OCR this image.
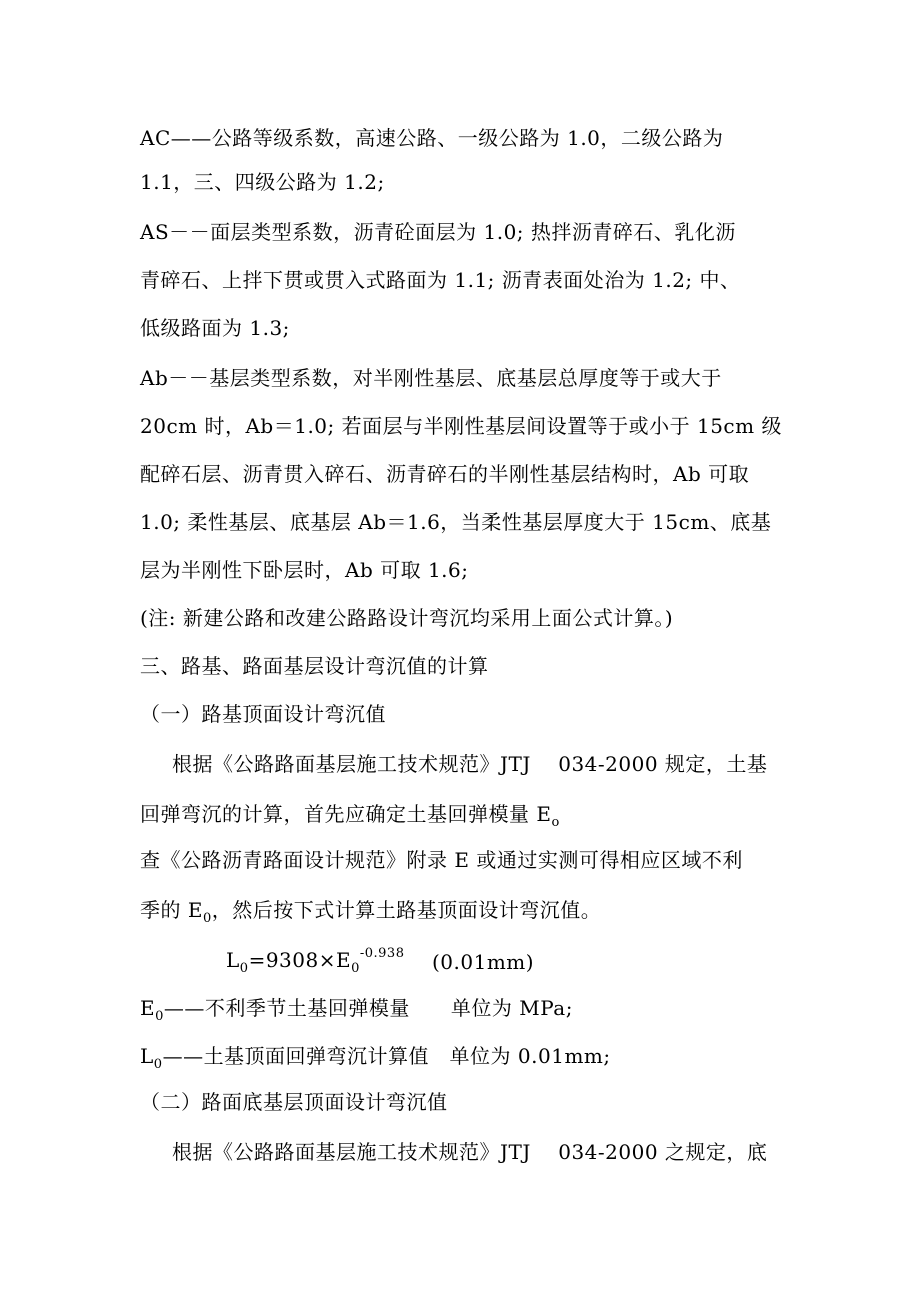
AC——公路等级系数，高速公路、一级公路为 1.0，二级公路为
1.1，三、四级公路为 1.2;
AS－－面层类型系数，沥青砼面层为 1.0; 热拌沥青碎石、乳化沥
青碎石、上拌下贯或贯入式路面为 1.1; 沥青表面处治为 1.2; 中、
低级路面为 1.3;
Ab－－基层类型系数，对半刚性基层、底基层总厚度等于或大于
20cm 时，Ab＝1.0; 若面层与半刚性基层间设置等于或小于 15cm 级
配碎石层、沥青贯入碎石、沥青碎石的半刚性基层结构时，Ab 可取
1.0; 柔性基层、底基层 Ab＝1.6，当柔性基层厚度大于 15cm、底基
层为半刚性下卧层时，Ab 可取 1.6;
(注: 新建公路和改建公路路设计弯沉均采用上面公式计算。)
三、路基、路面基层设计弯沉值的计算
（一）路基顶面设计弯沉值
根据《公路路面基层施工技术规范》JTJ　 034-2000 规定，土基
回弹弯沉的计算，首先应确定土基回弹模量 $E_o$
查《公路沥青路面设计规范》附录 E 或通过实测可得相应区域不利
季的 $E_0$，然后按下式计算土路基顶面设计弯沉值。
$L_0=9308\times E_0^{-0.938}$ (0.01mm)
$E_0——$不利季节土基回弹模量　　单位为 MPa;
$L_0——$土基顶面回弹弯沉计算值　单位为 0.01mm;
（二）路面底基层顶面设计弯沉值
根据《公路路面基层施工技术规范》JTJ　 034-2000 之规定，底
